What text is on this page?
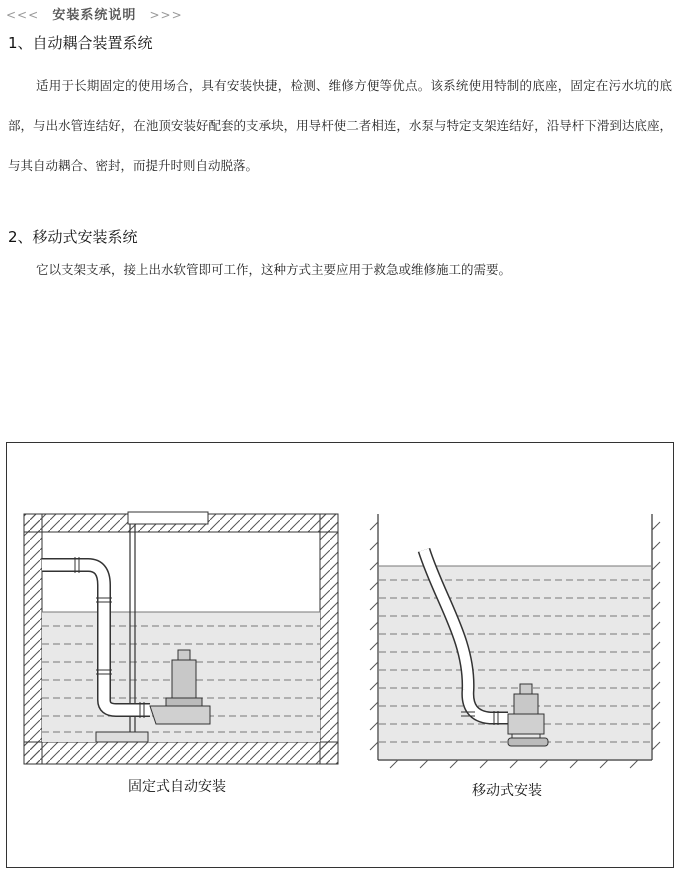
<<< 安装系统说明 >>>
1、自动耦合装置系统
适用于长期固定的使用场合，具有安装快捷，检测、维修方便等优点。该系统使用特制的底座，固定在污水坑的底部，与出水管连结好，在池顶安装好配套的支承块，用导杆使二者相连，水泵与特定支架连结好，沿导杆下滑到达底座，与其自动耦合、密封，而提升时则自动脱落。
2、移动式安装系统
它以支架支承，接上出水软管即可工作，这种方式主要应用于救急或维修施工的需要。
固定式自动安装	移动式安装
